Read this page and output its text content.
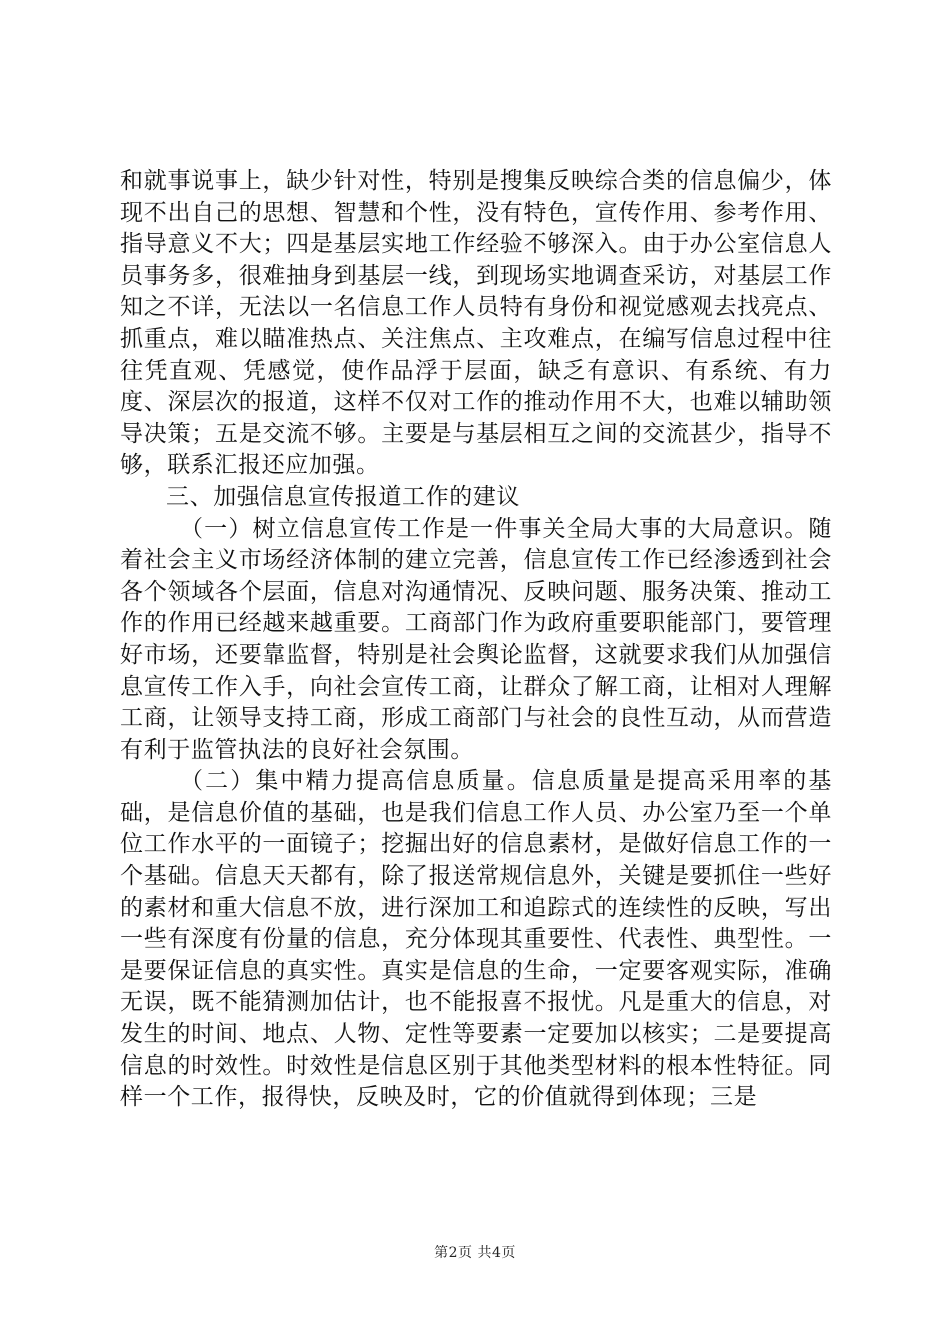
和就事说事上，缺少针对性，特别是搜集反映综合类的信息偏少，体现不出自己的思想、智慧和个性，没有特色，宣传作用、参考作用、指导意义不大；四是基层实地工作经验不够深入。由于办公室信息人员事务多，很难抽身到基层一线，到现场实地调查采访，对基层工作知之不详，无法以一名信息工作人员特有身份和视觉感观去找亮点、抓重点，难以瞄准热点、关注焦点、主攻难点，在编写信息过程中往往凭直观、凭感觉，使作品浮于层面，缺乏有意识、有系统、有力度、深层次的报道，这样不仅对工作的推动作用不大，也难以辅助领导决策；五是交流不够。主要是与基层相互之间的交流甚少，指导不够，联系汇报还应加强。

三、加强信息宣传报道工作的建议

（一）树立信息宣传工作是一件事关全局大事的大局意识。随着社会主义市场经济体制的建立完善，信息宣传工作已经渗透到社会各个领域各个层面，信息对沟通情况、反映问题、服务决策、推动工作的作用已经越来越重要。工商部门作为政府重要职能部门，要管理好市场，还要靠监督，特别是社会舆论监督，这就要求我们从加强信息宣传工作入手，向社会宣传工商，让群众了解工商，让相对人理解工商，让领导支持工商，形成工商部门与社会的良性互动，从而营造有利于监管执法的良好社会氛围。

（二）集中精力提高信息质量。信息质量是提高采用率的基础，是信息价值的基础，也是我们信息工作人员、办公室乃至一个单位工作水平的一面镜子；挖掘出好的信息素材，是做好信息工作的一个基础。信息天天都有，除了报送常规信息外，关键是要抓住一些好的素材和重大信息不放，进行深加工和追踪式的连续性的反映，写出一些有深度有份量的信息，充分体现其重要性、代表性、典型性。一是要保证信息的真实性。真实是信息的生命，一定要客观实际，准确无误，既不能猜测加估计，也不能报喜不报忧。凡是重大的信息，对发生的时间、地点、人物、定性等要素一定要加以核实；二是要提高信息的时效性。时效性是信息区别于其他类型材料的根本性特征。同样一个工作，报得快，反映及时，它的价值就得到体现；三是

第2页 共4页
